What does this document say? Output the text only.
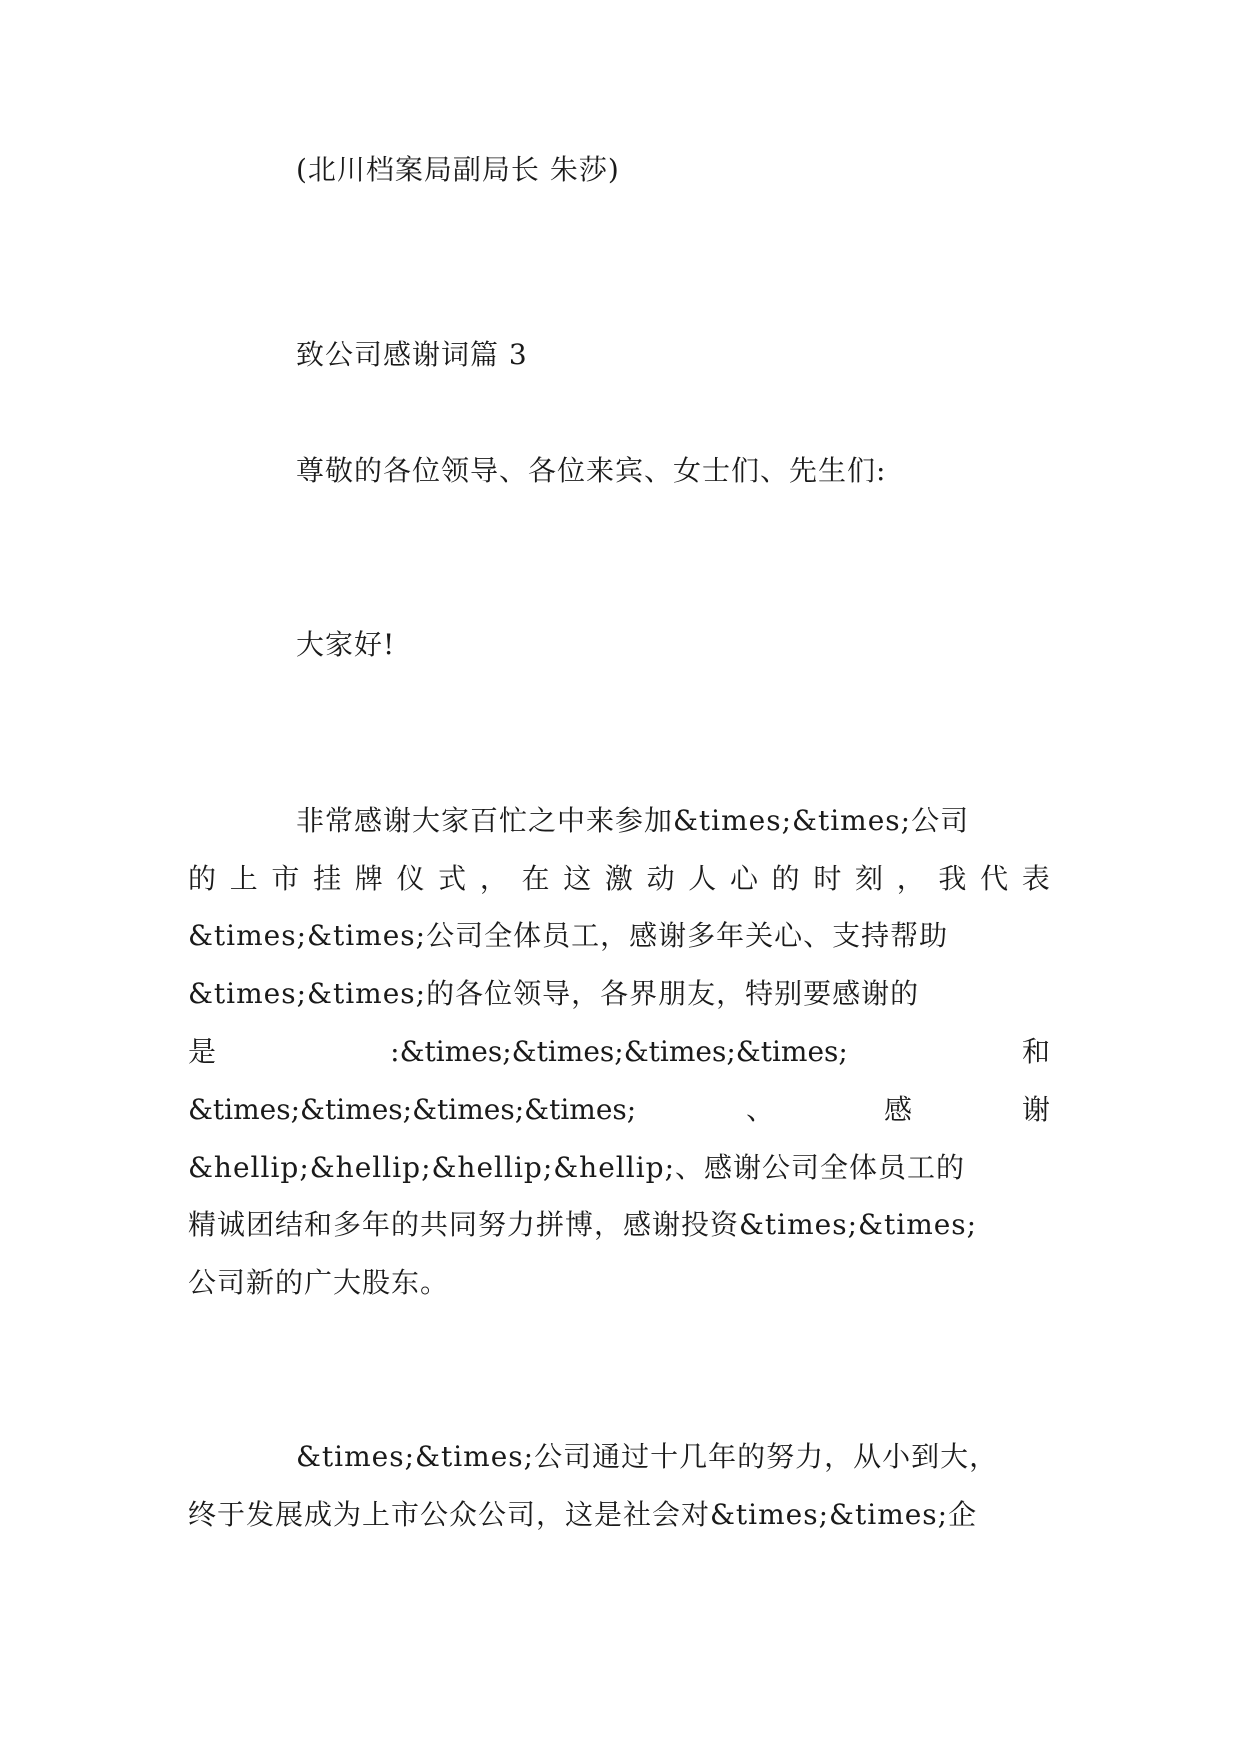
(北川档案局副局长 朱莎)
致公司感谢词篇 3
尊敬的各位领导、各位来宾、女士们、先生们:
大家好!
非常感谢大家百忙之中来参加&times;&times;公司
的 上 市 挂 牌 仪 式 ， 在 这 激 动 人 心 的 时 刻 ， 我 代 表
&times;&times;公司全体员工，感谢多年关心、支持帮助
&times;&times;的各位领导，各界朋友，特别要感谢的
是	:&times;&times;&times;&times;	和
&times;&times;&times;&times;	、	感	谢
&hellip;&hellip;&hellip;&hellip;、感谢公司全体员工的
精诚团结和多年的共同努力拼博，感谢投资&times;&times;
公司新的广大股东。
&times;&times;公司通过十几年的努力，从小到大，
终于发展成为上市公众公司，这是社会对&times;&times;企
